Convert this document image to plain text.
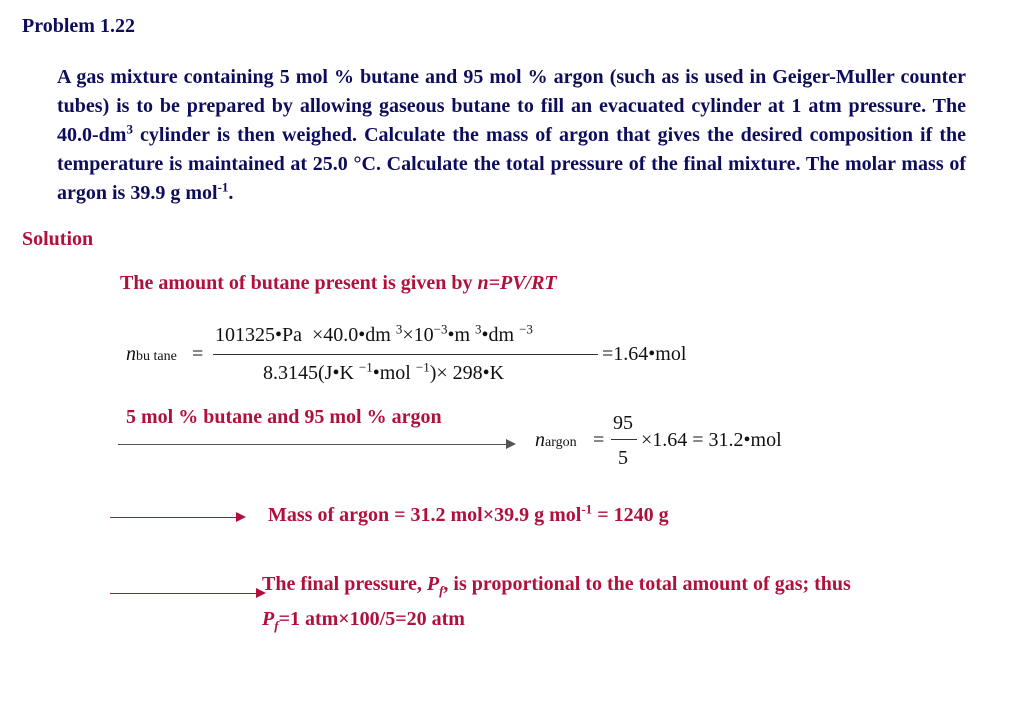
Problem 1.22
A gas mixture containing 5 mol % butane and 95 mol % argon (such as is used in Geiger-Muller counter tubes) is to be prepared by allowing gaseous butane to fill an evacuated cylinder at 1 atm pressure. The $40.0-dm^3$ cylinder is then weighed. Calculate the mass of argon that gives the desired composition if the temperature is maintained at 25.0 °C. Calculate the total pressure of the final mixture. The molar mass of argon is 39.9 g mol$^{-1}$.
Solution
The amount of butane present is given by n=PV/RT
nbu tane =
101325•Pa  ×40.0•dm $^3\times 10^{-3}•m$ $^3$•dm $^{-3}$
8.3145(J•K $^{-1}$•mol $^{-1}$)× 298•K
=1.64•mol
5 mol % butane and 95 mol % argon
nargon =
95
5
×1.64 = 31.2•mol
Mass of argon = 31.2 mol×39.9 g mol$^{-1}$ = 1240 g
The final pressure, $P_f$, is proportional to the total amount of gas; thus
$P_f=1$ atm×100/5=20 atm
